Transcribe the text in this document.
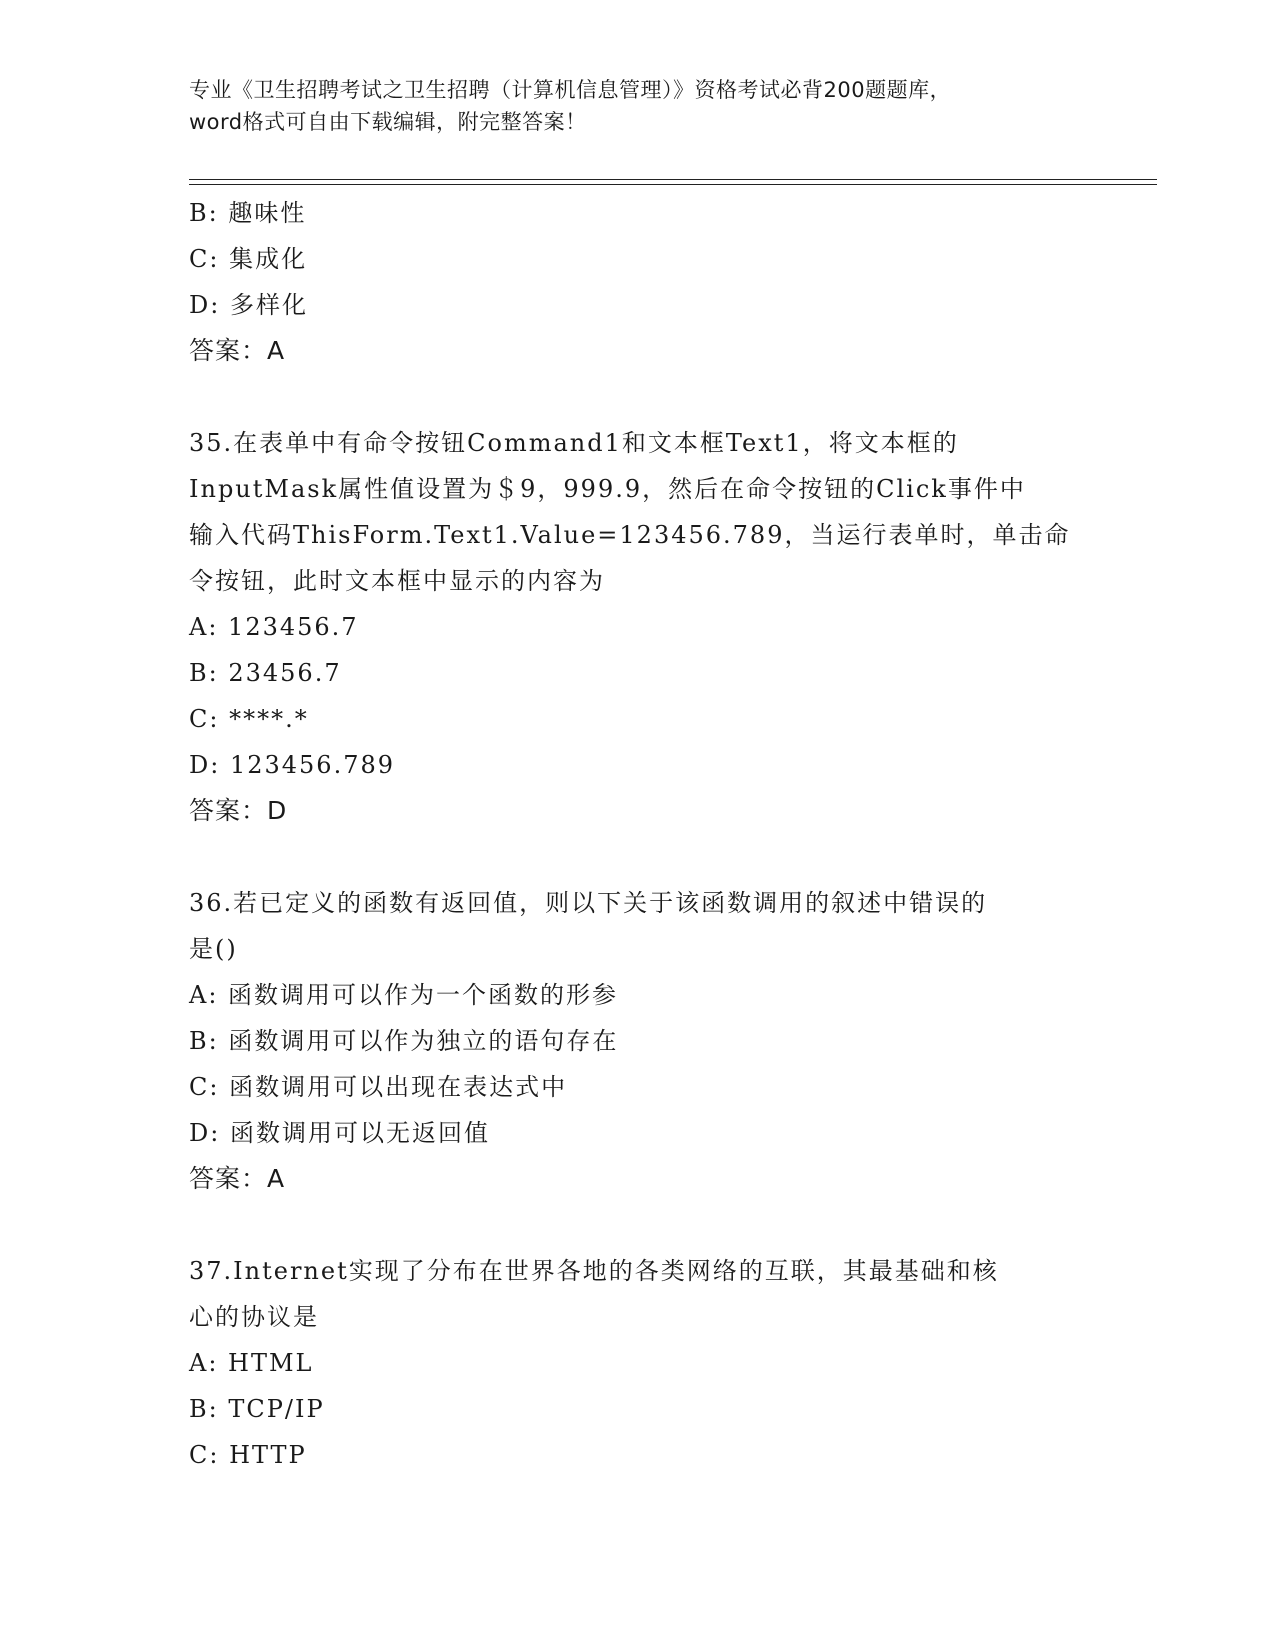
专业《卫生招聘考试之卫生招聘（计算机信息管理）》资格考试必背200题题库，
word格式可自由下载编辑，附完整答案！
B: 趣味性
C: 集成化
D: 多样化
答案：A
35.在表单中有命令按钮Command1和文本框Text1，将文本框的
InputMask属性值设置为＄9，999.9，然后在命令按钮的Click事件中
输入代码ThisForm.Text1.Value=123456.789，当运行表单时，单击命
令按钮，此时文本框中显示的内容为
A: 123456.7
B: 23456.7
C: ****.*
D: 123456.789
答案：D
36.若已定义的函数有返回值，则以下关于该函数调用的叙述中错误的
是()
A: 函数调用可以作为一个函数的形参
B: 函数调用可以作为独立的语句存在
C: 函数调用可以出现在表达式中
D: 函数调用可以无返回值
答案：A
37.Internet实现了分布在世界各地的各类网络的互联，其最基础和核
心的协议是
A: HTML
B: TCP/IP
C: HTTP
